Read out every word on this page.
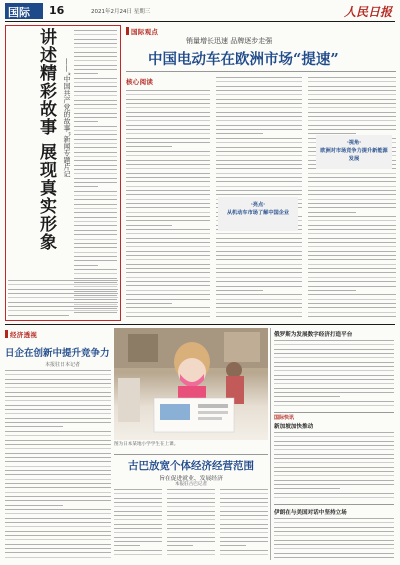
国际 16	2021年2月24日 星期三	人民日报
讲述精彩故事 展现真实形象	——“中国共产党的故事”新闻专题片记
国际观点
销量增长迅速 品牌逐步走强
中国电动车在欧洲市场“提速”
核心阅读
·亮点·
从机动车市场了解中国企业
·视角·
欧洲对市场竞争力提升新能源发展
经济透视
日企在创新中提升竞争力
本报驻日本记者
图为日本某地小学学生在上课。
古巴放宽个体经济经营范围
旨在促进就业、发展经济
本报驻古巴记者
俄罗斯为发展数字经济打造平台
国际快讯
新加坡加快推动
伊朗在与美国对话中坚持立场
